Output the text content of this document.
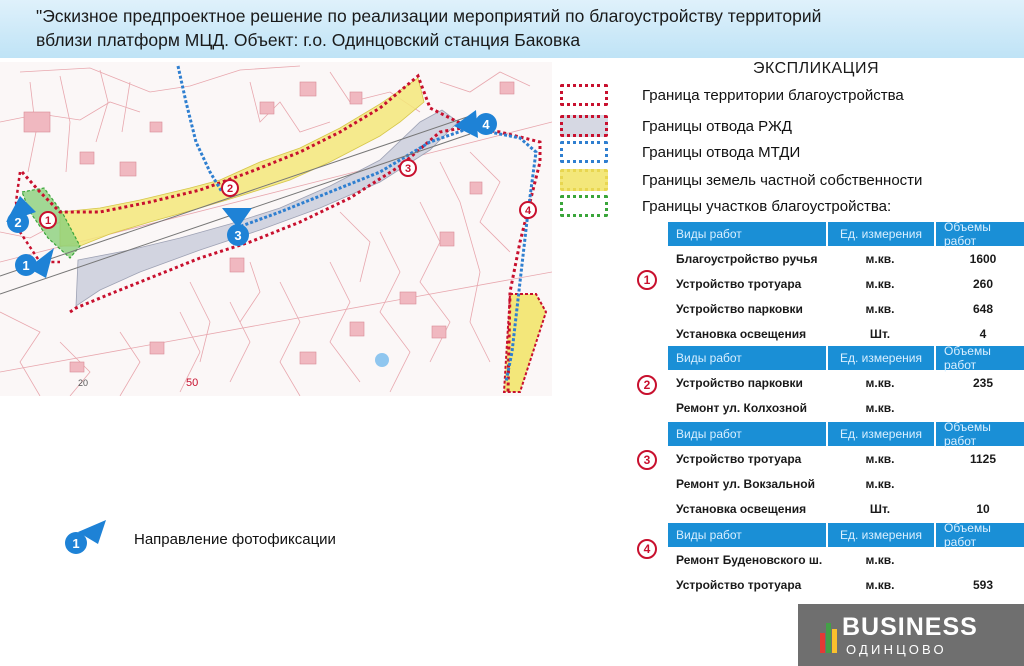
"Эскизное предпроектное решение по реализации мероприятий по благоустройству территорий
вблизи платформ МЦД. Объект: г.о. Одинцовский станция Баковка
1
2
3
4
1
2
3
4
50
20
ЭКСПЛИКАЦИЯ
Граница территории благоустройства
Границы отвода РЖД
Границы отвода МТДИ
Границы земель частной собственности
Границы участков благоустройства:
1
Виды работ	Ед. измерения	Объемы работ
Благоустройство ручья	м.кв.	1600
Устройство тротуара	м.кв.	260
Устройство парковки	м.кв.	648
Установка освещения	Шт.	4
2
Виды работ	Ед. измерения	Объемы работ
Устройство парковки	м.кв.	235
Ремонт ул. Колхозной	м.кв.
3
Виды работ	Ед. измерения	Объемы работ
Устройство тротуара	м.кв.	1125
Ремонт ул. Вокзальной	м.кв.
Установка освещения	Шт.	10
4
Виды работ	Ед. измерения	Объемы работ
Ремонт Буденовского ш.	м.кв.
Устройство тротуара	м.кв.	593
1	Направление фотофиксации
BUSINESS
ОДИНЦОВО
